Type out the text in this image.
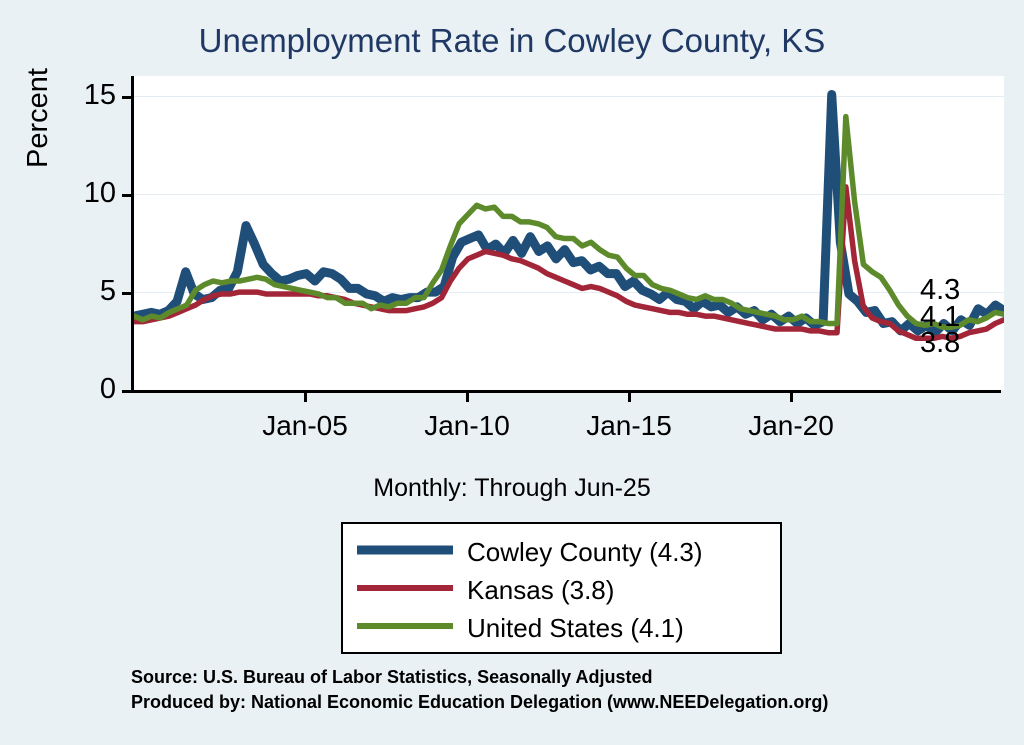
Unemployment Rate in Cowley County, KS
15
10
5
0
Percent
Jan-05	Jan-10	Jan-15	Jan-20
4.3
4.1
3.8
Monthly: Through Jun-25
Cowley County (4.3)
Kansas (3.8)
United States (4.1)
Source: U.S. Bureau of Labor Statistics, Seasonally Adjusted
Produced by: National Economic Education Delegation (www.NEEDelegation.org)
